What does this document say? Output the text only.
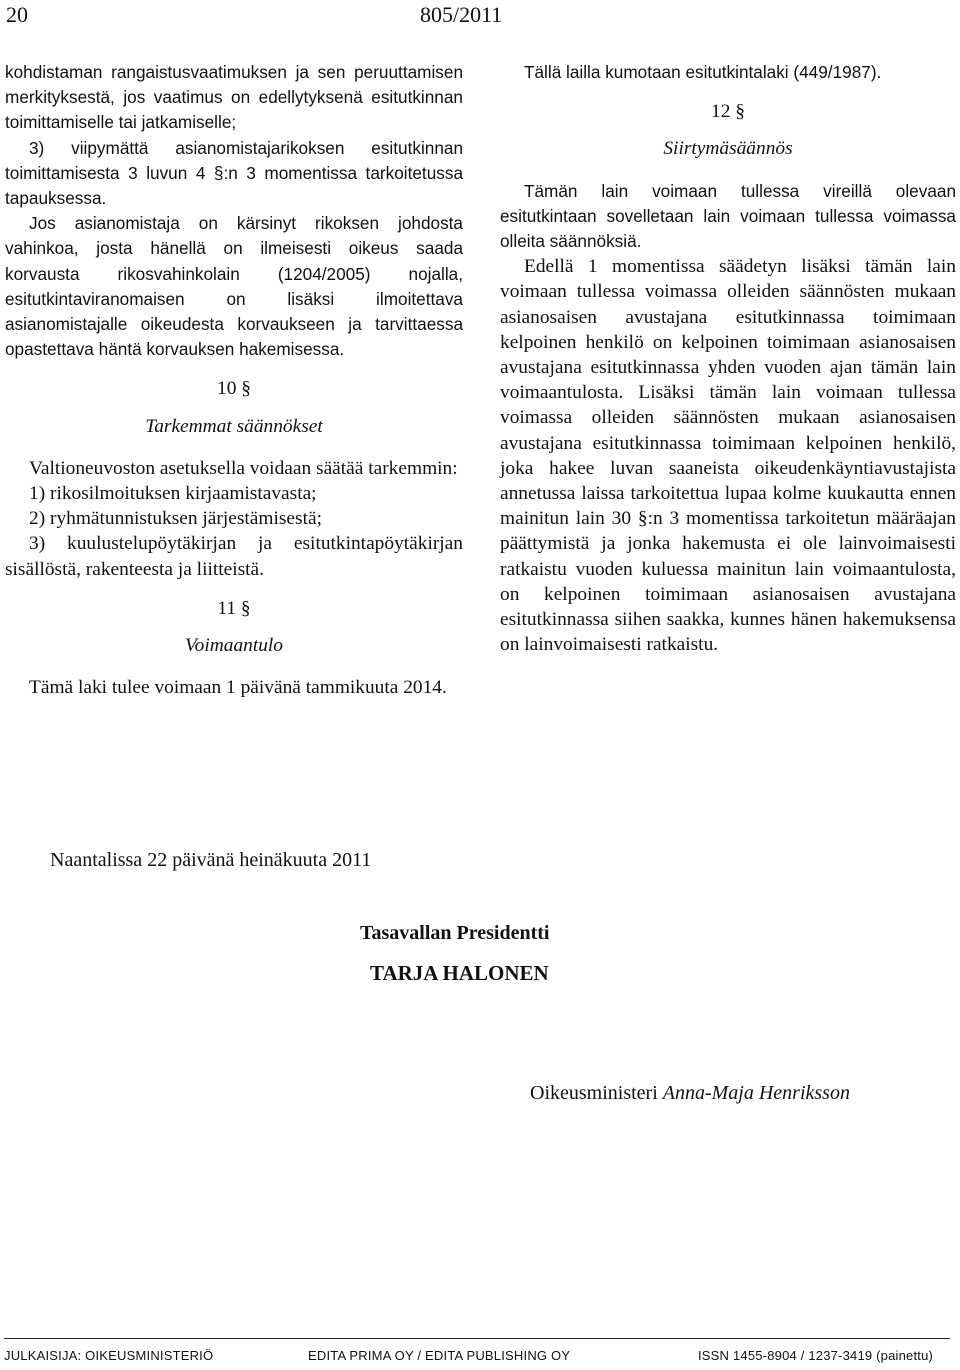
20	805/2011

kohdistaman rangaistusvaatimuksen ja sen peruuttamisen merkityksestä, jos vaatimus on edellytyksenä esitutkinnan toimittamiselle tai jatkamiselle;

3) viipymättä asianomistajarikoksen esitutkinnan toimittamisesta 3 luvun 4 §:n 3 momentissa tarkoitetussa tapauksessa.

Jos asianomistaja on kärsinyt rikoksen johdosta vahinkoa, josta hänellä on ilmeisesti oikeus saada korvausta rikosvahinkolain (1204/2005) nojalla, esitutkintaviranomaisen on lisäksi ilmoitettava asianomistajalle oikeudesta korvaukseen ja tarvittaessa opastettava häntä korvauksen hakemisessa.

10 §
Tarkemmat säännökset

Valtioneuvoston asetuksella voidaan säätää tarkemmin:

1) rikosilmoituksen kirjaamistavasta;

2) ryhmätunnistuksen järjestämisestä;

3) kuulustelupöytäkirjan ja esitutkintapöytäkirjan sisällöstä, rakenteesta ja liitteistä.

11 §
Voimaantulo

Tämä laki tulee voimaan 1 päivänä tammikuuta 2014.

Tällä lailla kumotaan esitutkintalaki (449/1987).

12 §
Siirtymäsäännös

Tämän lain voimaan tullessa vireillä olevaan esitutkintaan sovelletaan lain voimaan tullessa voimassa olleita säännöksiä.

Edellä 1 momentissa säädetyn lisäksi tämän lain voimaan tullessa voimassa olleiden säännösten mukaan asianosaisen avustajana esitutkinnassa toimimaan kelpoinen henkilö on kelpoinen toimimaan asianosaisen avustajana esitutkinnassa yhden vuoden ajan tämän lain voimaantulosta. Lisäksi tämän lain voimaan tullessa voimassa olleiden säännösten mukaan asianosaisen avustajana esitutkinnassa toimimaan kelpoinen henkilö, joka hakee luvan saaneista oikeudenkäyntiavustajista annetussa laissa tarkoitettua lupaa kolme kuukautta ennen mainitun lain 30 §:n 3 momentissa tarkoitetun määräajan päättymistä ja jonka hakemusta ei ole lainvoimaisesti ratkaistu vuoden kuluessa mainitun lain voimaantulosta, on kelpoinen toimimaan asianosaisen avustajana esitutkinnassa siihen saakka, kunnes hänen hakemuksensa on lainvoimaisesti ratkaistu.

Naantalissa 22 päivänä heinäkuuta 2011
Tasavallan Presidentti
TARJA HALONEN
Oikeusministeri Anna-Maja Henriksson
JULKAISIJA: OIKEUSMINISTERIÖ	EDITA PRIMA OY / EDITA PUBLISHING OY	ISSN 1455-8904 / 1237-3419 (painettu)
